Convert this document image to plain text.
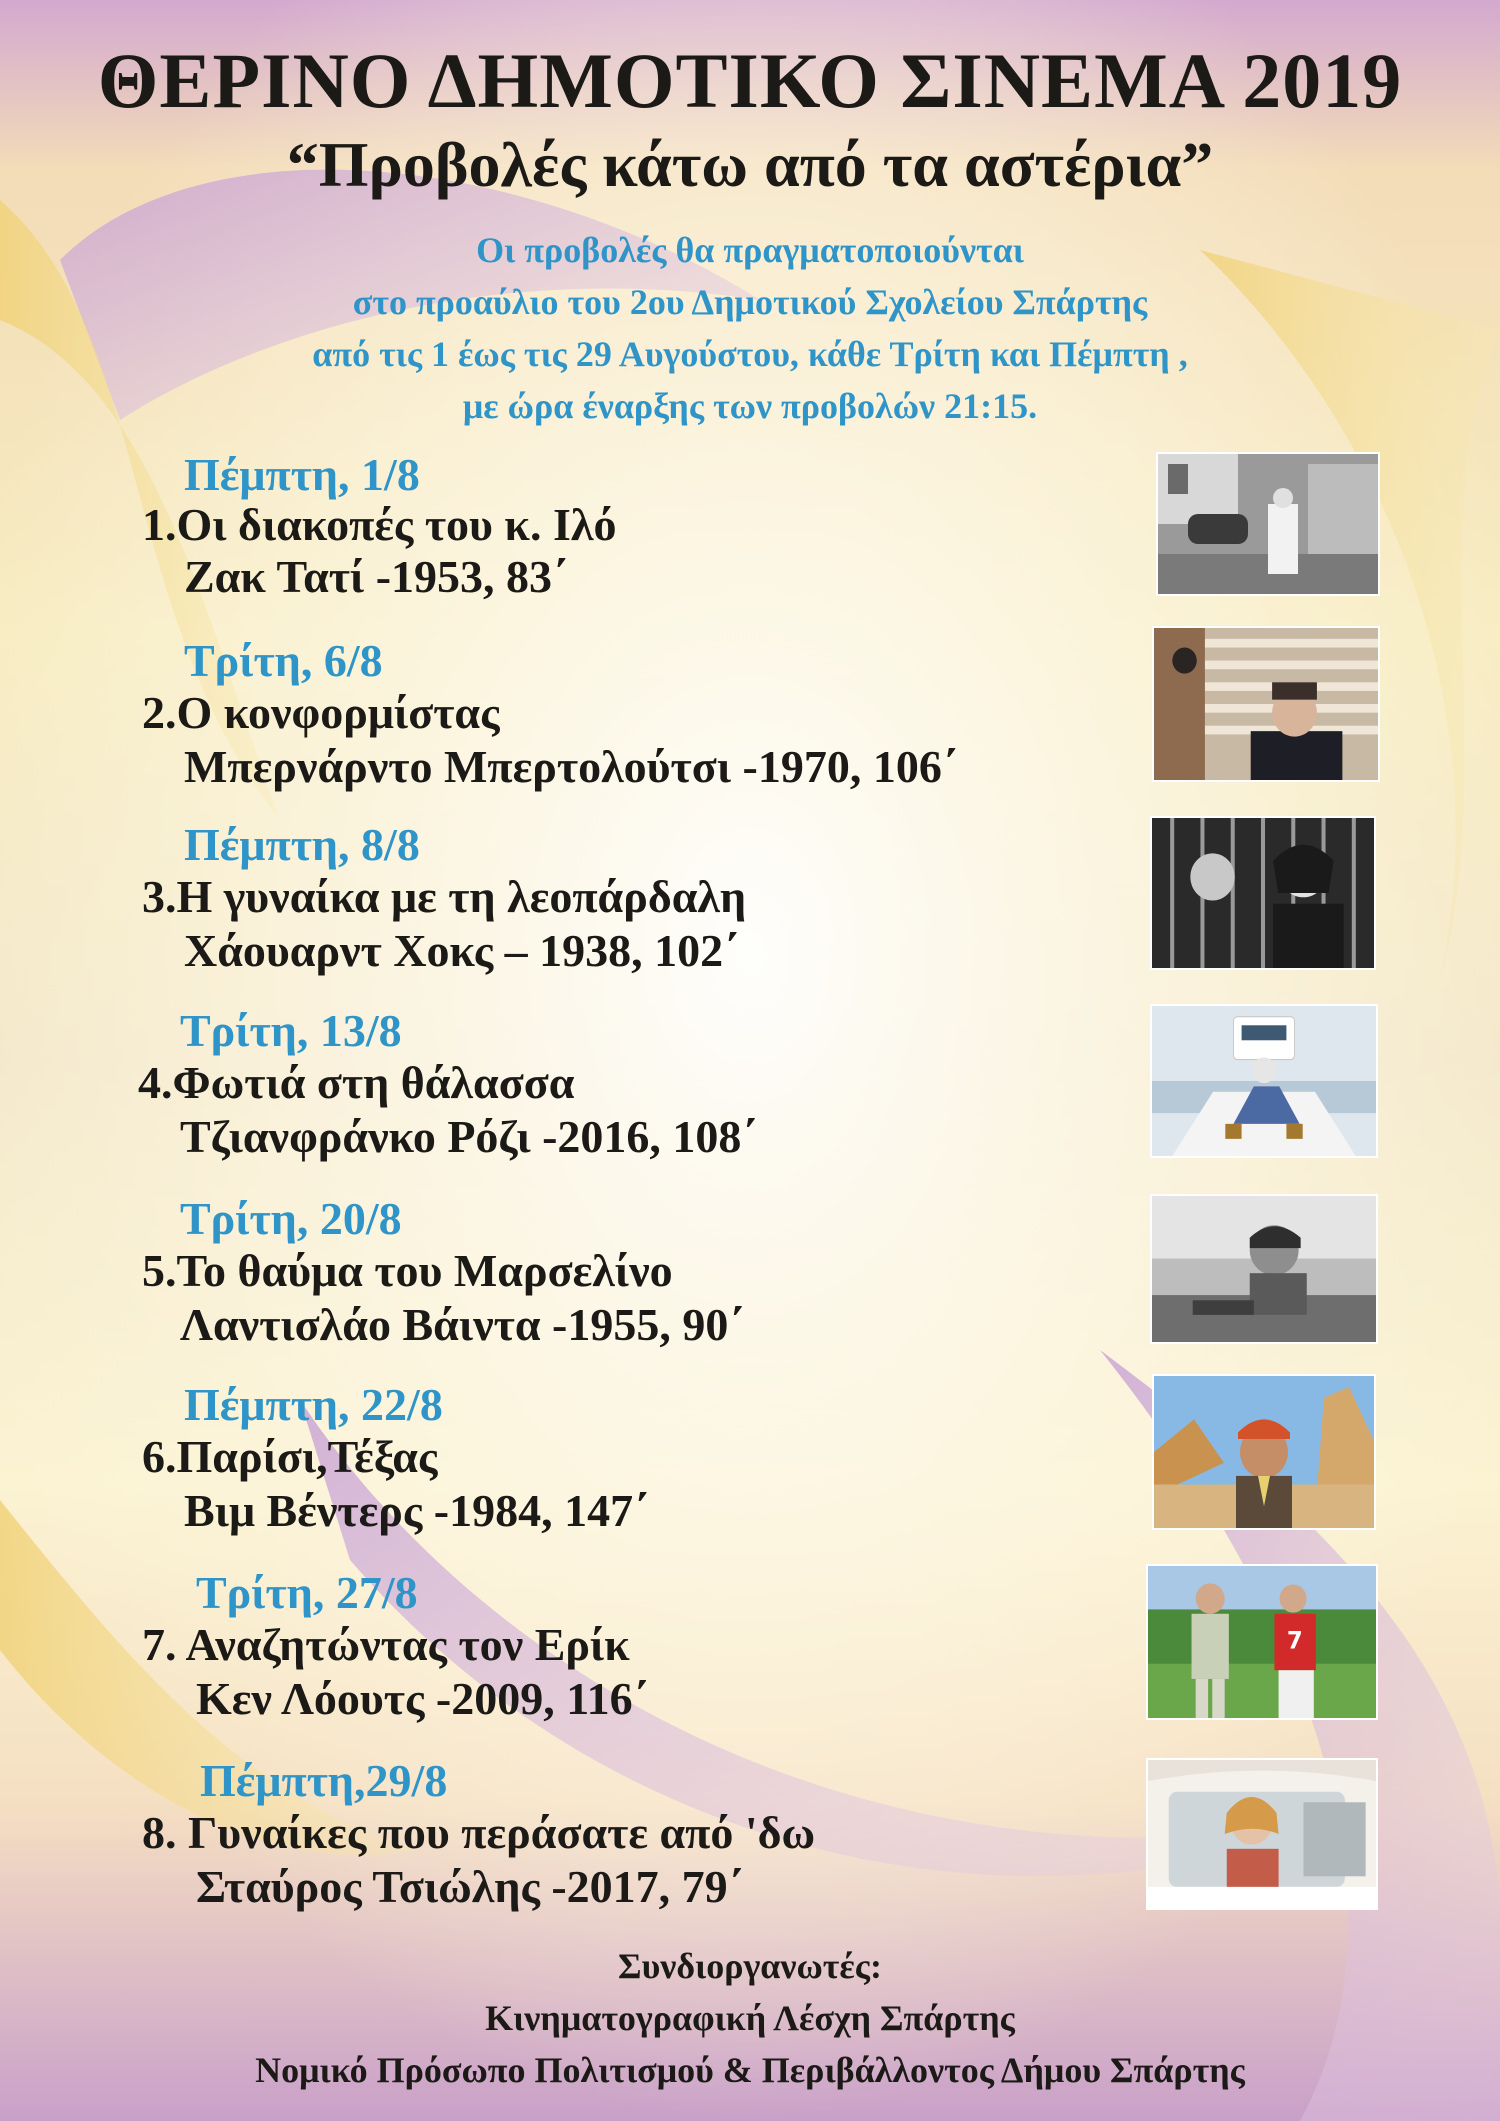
ΘΕΡΙΝΟ ΔΗΜΟΤΙΚΟ ΣΙΝΕΜΑ 2019
“Προβολές κάτω από τα αστέρια”
Οι προβολές θα πραγματοποιούνται
στο προαύλιο του 2ου Δημοτικού Σχολείου Σπάρτης
από τις 1 έως τις 29 Αυγούστου, κάθε Τρίτη και Πέμπτη ,
με ώρα έναρξης των προβολών 21:15.
Πέμπτη, 1/8
1.Οι διακοπές του κ. Ιλό
Ζακ Τατί -1953, 83΄
Τρίτη, 6/8
2.Ο κονφορμίστας
Μπερνάρντο Μπερτολούτσι -1970, 106΄
Πέμπτη, 8/8
3.Η γυναίκα με τη λεοπάρδαλη
Χάουαρντ Χοκς – 1938, 102΄
Τρίτη, 13/8
4.Φωτιά στη θάλασσα
Τζιανφράνκο Ρόζι -2016, 108΄
Τρίτη, 20/8
5.Το θαύμα του Μαρσελίνο
Λαντισλάο Βάιντα -1955, 90΄
Πέμπτη, 22/8
6.Παρίσι,Τέξας
Βιμ Βέντερς -1984, 147΄
Τρίτη, 27/8
7. Αναζητώντας τον Ερίκ
Κεν Λόουτς -2009, 116΄
7
Πέμπτη,29/8
8. Γυναίκες που περάσατε από 'δω
Σταύρος Τσιώλης -2017, 79΄
Συνδιοργανωτές:
Κινηματογραφική Λέσχη Σπάρτης
Νομικό Πρόσωπο Πολιτισμού & Περιβάλλοντος Δήμου Σπάρτης
